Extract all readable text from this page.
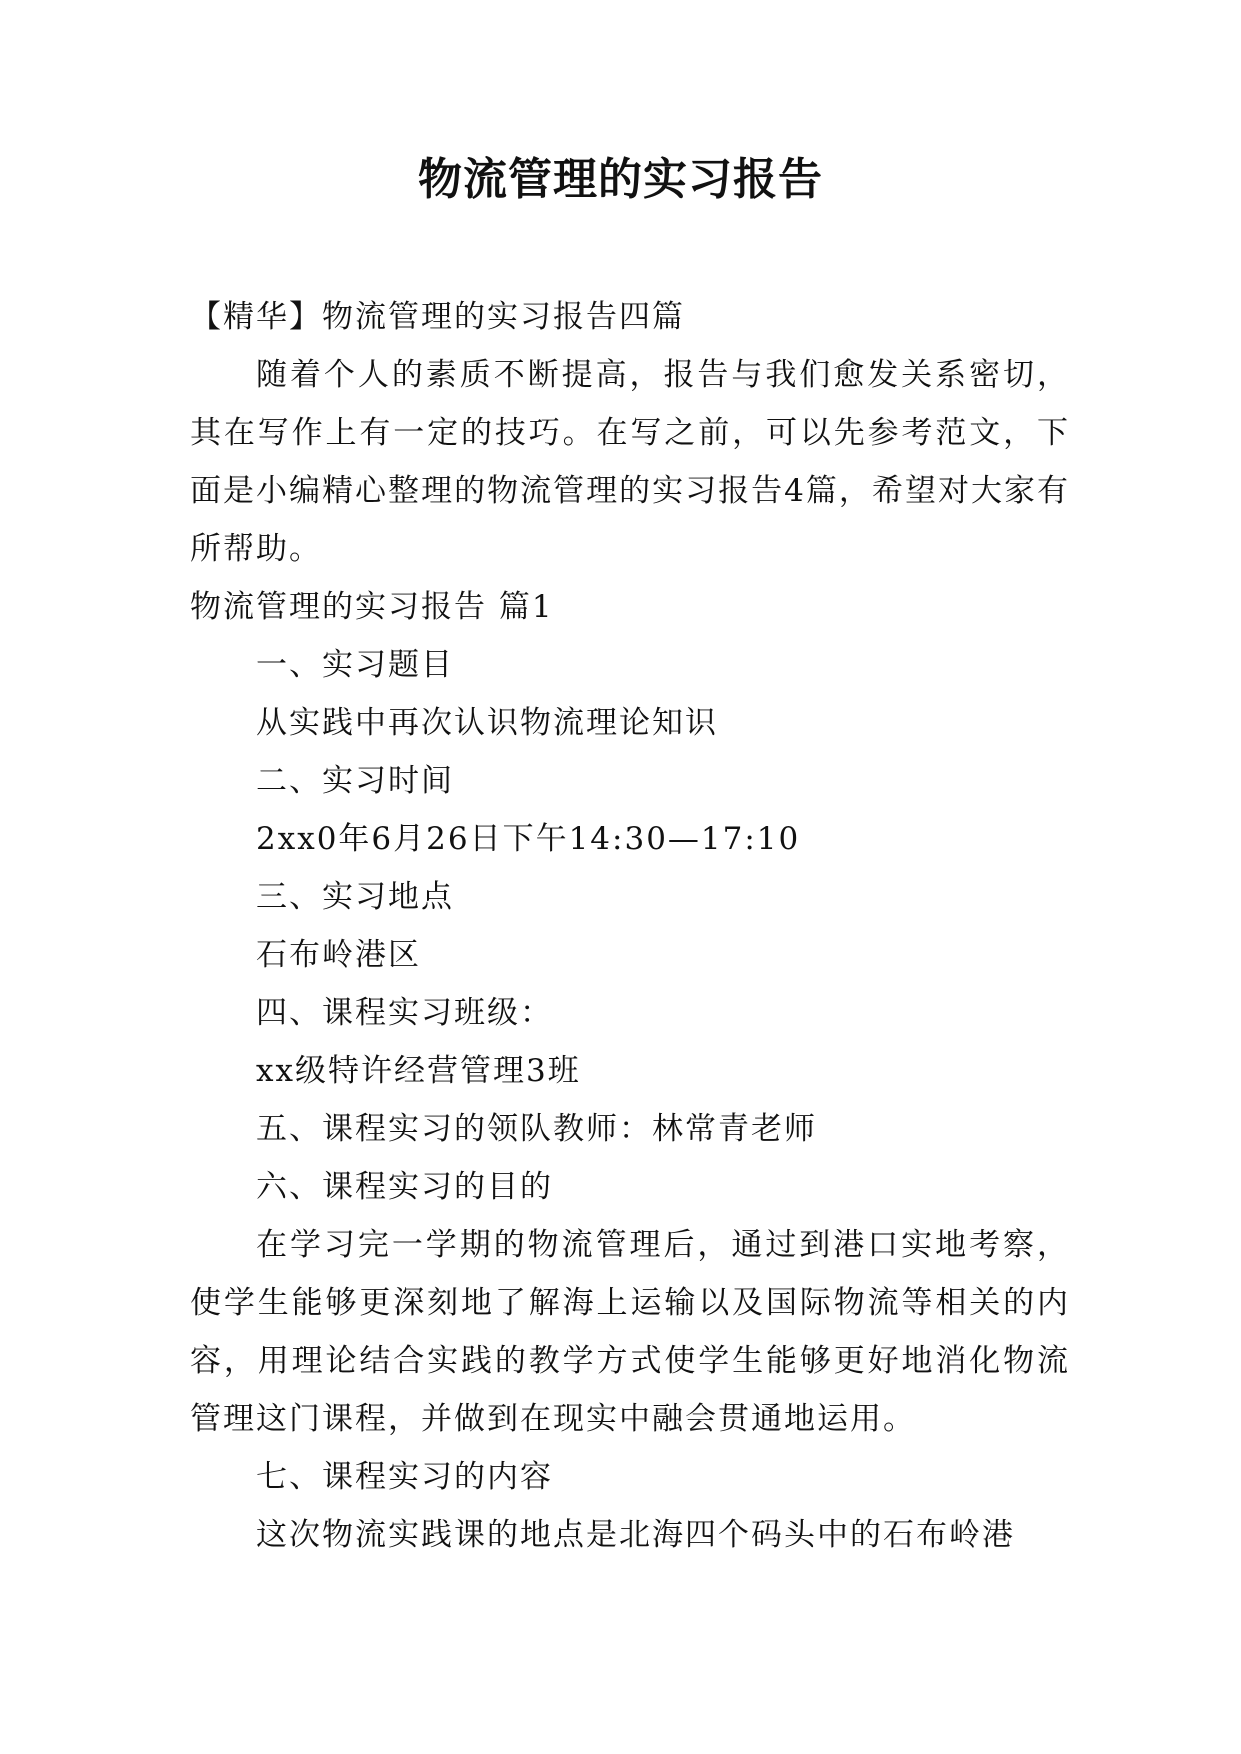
物流管理的实习报告

【精华】物流管理的实习报告四篇

随着个人的素质不断提高，报告与我们愈发关系密切，其在写作上有一定的技巧。在写之前，可以先参考范文，下面是小编精心整理的物流管理的实习报告4篇，希望对大家有所帮助。

物流管理的实习报告 篇1

一、实习题目

从实践中再次认识物流理论知识

二、实习时间

2xx0年6月26日下午14:30—17:10

三、实习地点

石布岭港区

四、课程实习班级：

xx级特许经营管理3班

五、课程实习的领队教师：林常青老师

六、课程实习的目的

在学习完一学期的物流管理后，通过到港口实地考察，使学生能够更深刻地了解海上运输以及国际物流等相关的内容，用理论结合实践的教学方式使学生能够更好地消化物流管理这门课程，并做到在现实中融会贯通地运用。

七、课程实习的内容

这次物流实践课的地点是北海四个码头中的石布岭港
